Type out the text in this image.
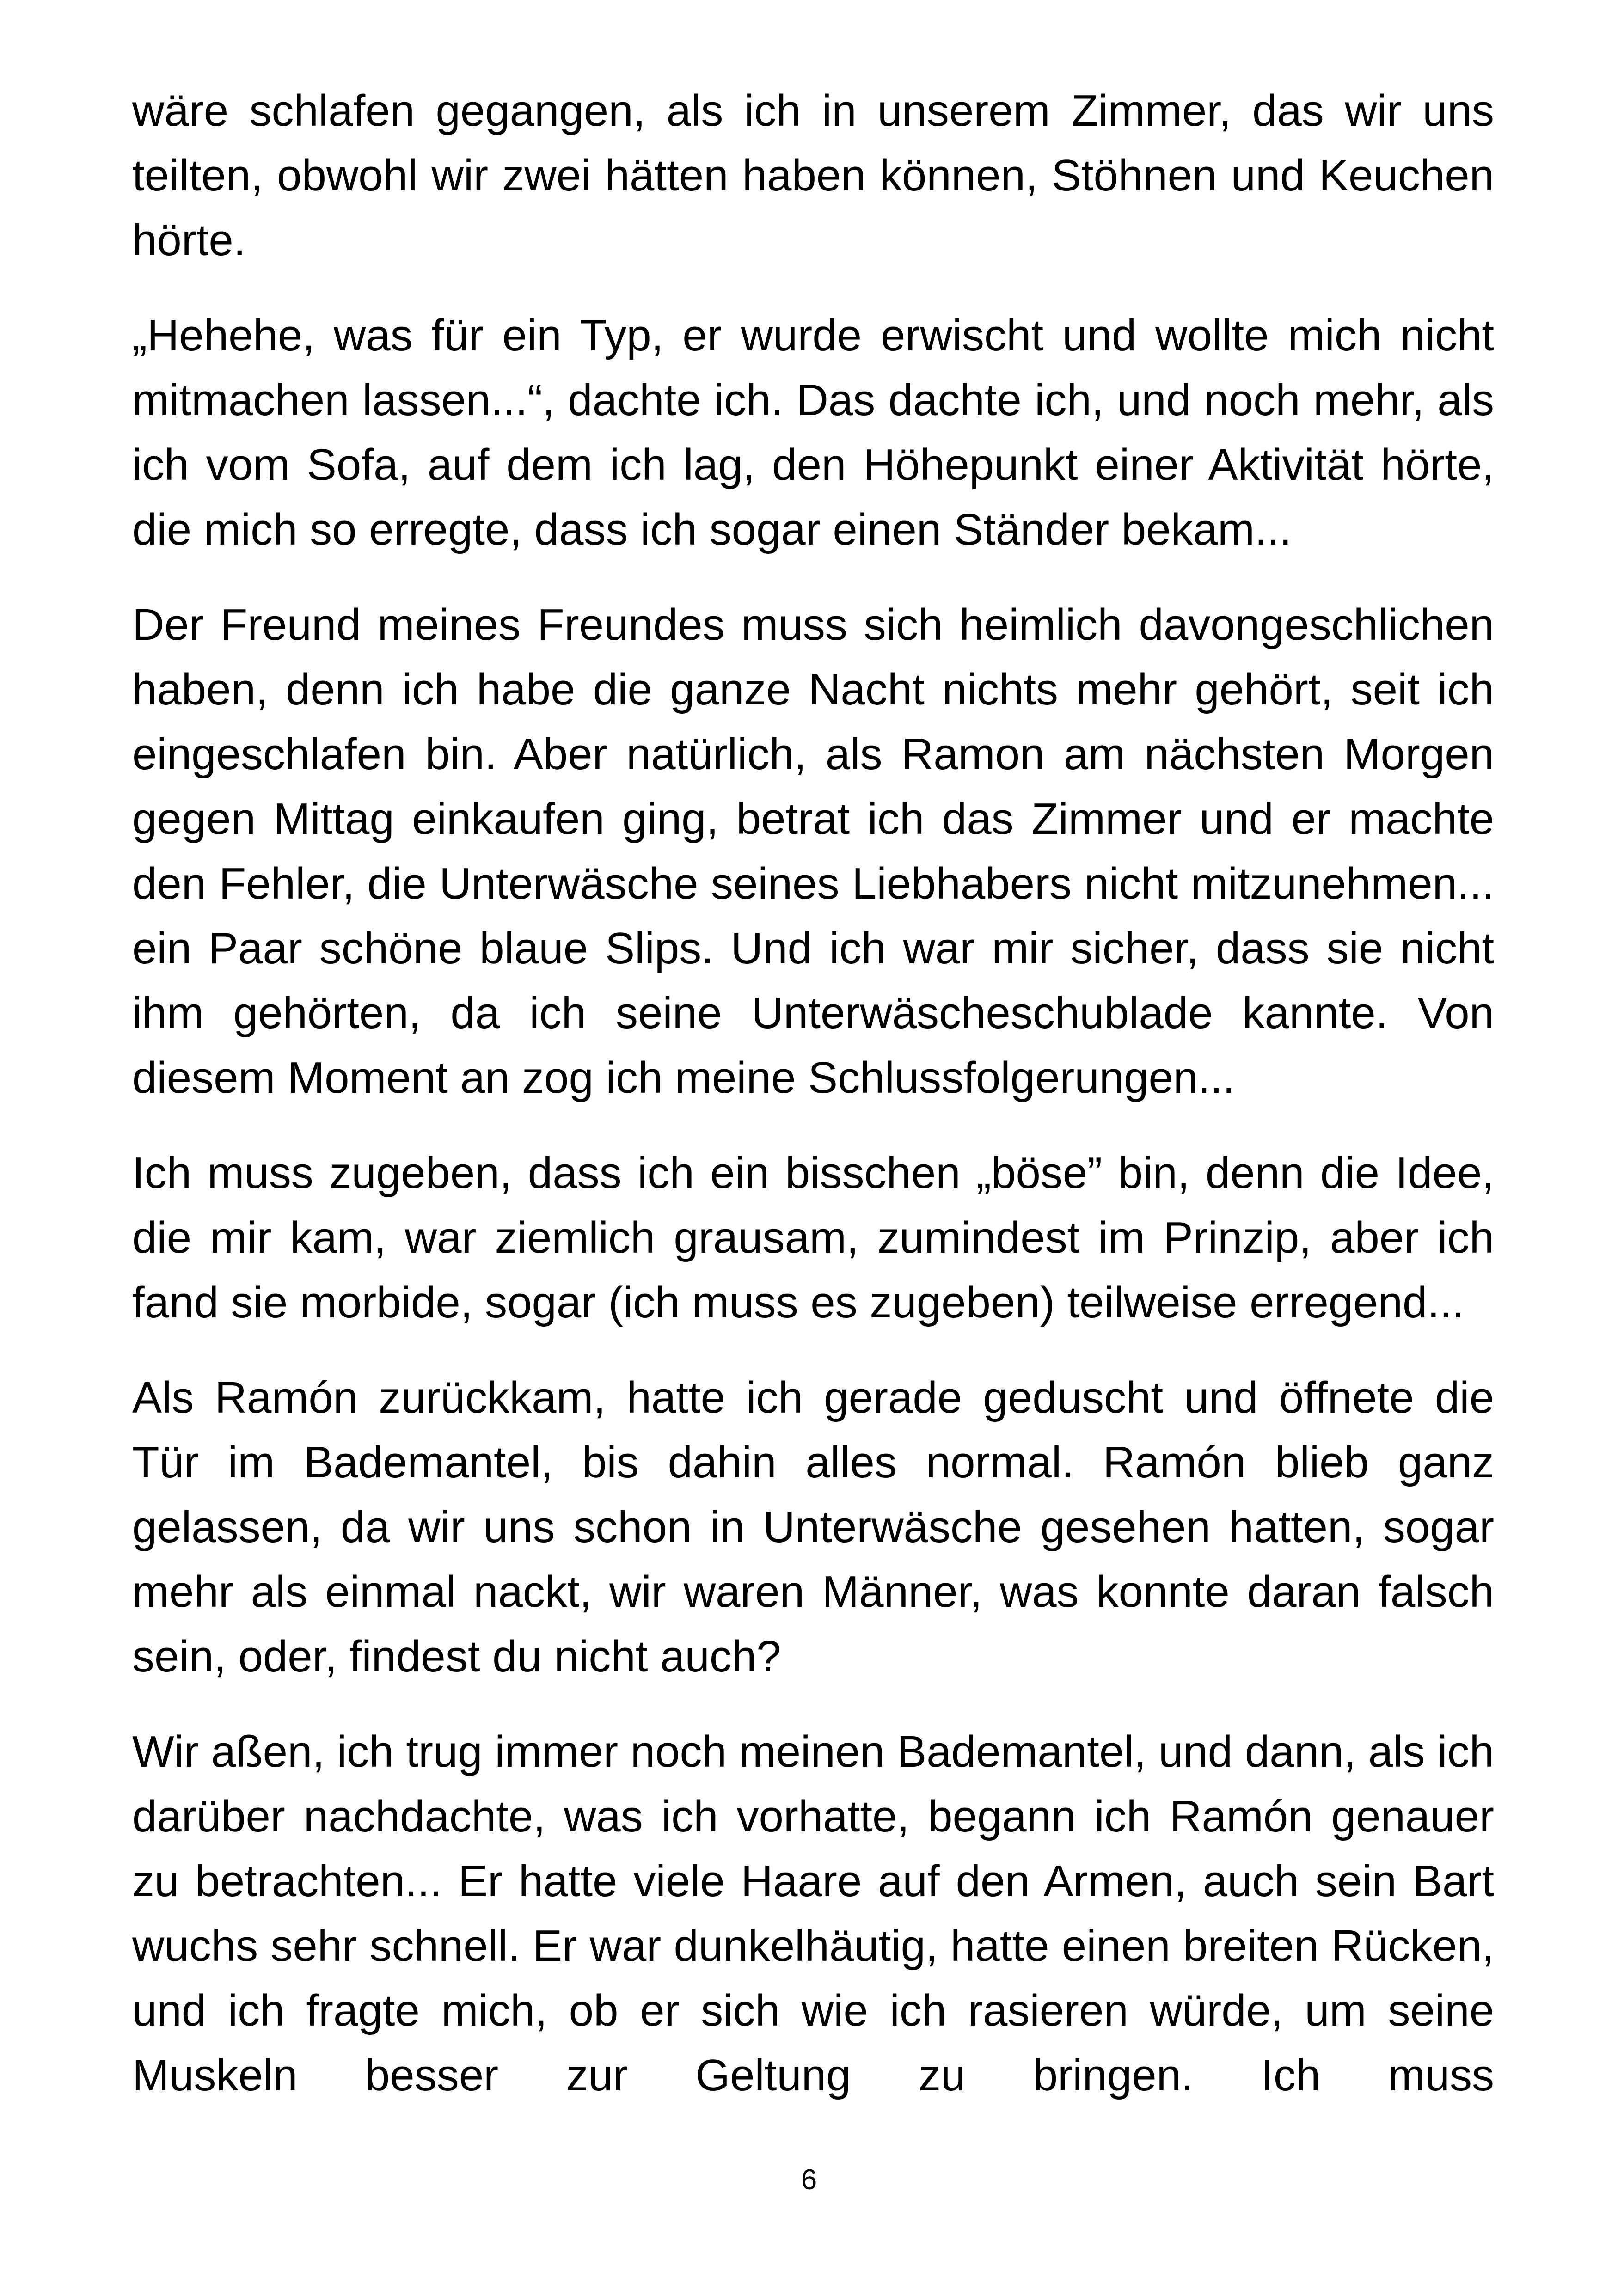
wäre schlafen gegangen, als ich in unserem Zimmer, das wir uns teilten, obwohl wir zwei hätten haben können, Stöhnen und Keuchen hörte.

„Hehehe, was für ein Typ, er wurde erwischt und wollte mich nicht mitmachen lassen...“, dachte ich. Das dachte ich, und noch mehr, als ich vom Sofa, auf dem ich lag, den Höhepunkt einer Aktivität hörte, die mich so erregte, dass ich sogar einen Ständer bekam...

Der Freund meines Freundes muss sich heimlich davongeschlichen haben, denn ich habe die ganze Nacht nichts mehr gehört, seit ich eingeschlafen bin. Aber natürlich, als Ramon am nächsten Morgen gegen Mittag einkaufen ging, betrat ich das Zimmer und er machte den Fehler, die Unterwäsche seines Liebhabers nicht mitzunehmen... ein Paar schöne blaue Slips. Und ich war mir sicher, dass sie nicht ihm gehörten, da ich seine Unterwäscheschublade kannte. Von diesem Moment an zog ich meine Schlussfolgerungen...

Ich muss zugeben, dass ich ein bisschen „böse” bin, denn die Idee, die mir kam, war ziemlich grausam, zumindest im Prinzip, aber ich fand sie morbide, sogar (ich muss es zugeben) teilweise erregend...

Als Ramón zurückkam, hatte ich gerade geduscht und öffnete die Tür im Bademantel, bis dahin alles normal. Ramón blieb ganz gelassen, da wir uns schon in Unterwäsche gesehen hatten, sogar mehr als einmal nackt, wir waren Männer, was konnte daran falsch sein, oder, findest du nicht auch?

Wir aßen, ich trug immer noch meinen Bademantel, und dann, als ich darüber nachdachte, was ich vorhatte, begann ich Ramón genauer zu betrachten... Er hatte viele Haare auf den Armen, auch sein Bart wuchs sehr schnell. Er war dunkelhäutig, hatte einen breiten Rücken, und ich fragte mich, ob er sich wie ich rasieren würde, um seine Muskeln besser zur Geltung zu bringen. Ich muss

6
